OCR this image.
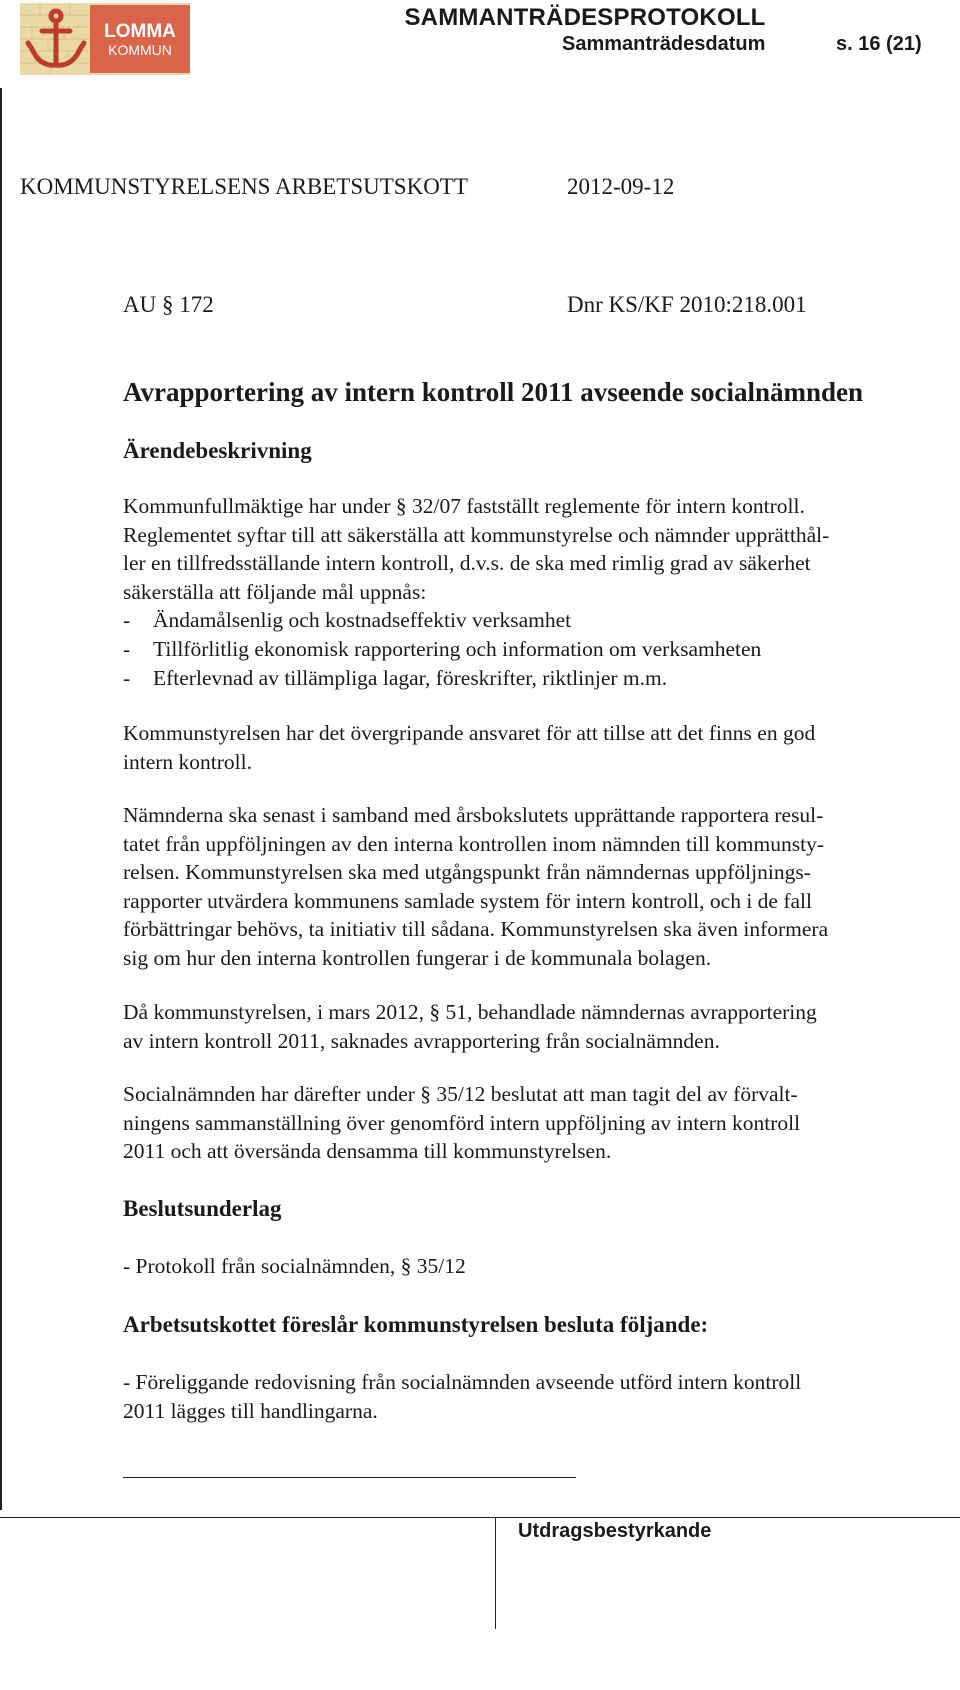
LOMMA
KOMMUN
SAMMANTRÄDESPROTOKOLL
Sammanträdesdatum	s. 16 (21)
KOMMUNSTYRELSENS ARBETSUTSKOTT	2012-09-12
AU § 172	Dnr KS/KF 2010:218.001
Avrapportering av intern kontroll 2011 avseende socialnämnden
Ärendebeskrivning

Kommunfullmäktige har under § 32/07 fastställt reglemente för intern kontroll.

Reglementet syftar till att säkerställa att kommunstyrelse och nämnder upprätthål-

ler en tillfredsställande intern kontroll, d.v.s. de ska med rimlig grad av säkerhet

säkerställa att följande mål uppnås:

-	Ändamålsenlig och kostnadseffektiv verksamhet
-	Tillförlitlig ekonomisk rapportering och information om verksamheten
-	Efterlevnad av tillämpliga lagar, föreskrifter, riktlinjer m.m.

Kommunstyrelsen har det övergripande ansvaret för att tillse att det finns en god

intern kontroll.

Nämnderna ska senast i samband med årsbokslutets upprättande rapportera resul-

tatet från uppföljningen av den interna kontrollen inom nämnden till kommunsty-

relsen. Kommunstyrelsen ska med utgångspunkt från nämndernas uppföljnings-

rapporter utvärdera kommunens samlade system för intern kontroll, och i de fall

förbättringar behövs, ta initiativ till sådana. Kommunstyrelsen ska även informera

sig om hur den interna kontrollen fungerar i de kommunala bolagen.

Då kommunstyrelsen, i mars 2012, § 51, behandlade nämndernas avrapportering

av intern kontroll 2011, saknades avrapportering från socialnämnden.

Socialnämnden har därefter under § 35/12 beslutat att man tagit del av förvalt-

ningens sammanställning över genomförd intern uppföljning av intern kontroll

2011 och att översända densamma till kommunstyrelsen.

Beslutsunderlag
- Protokoll från socialnämnden, § 35/12
Arbetsutskottet föreslår kommunstyrelsen besluta följande:

- Föreliggande redovisning från socialnämnden avseende utförd intern kontroll

2011 lägges till handlingarna.

Utdragsbestyrkande
